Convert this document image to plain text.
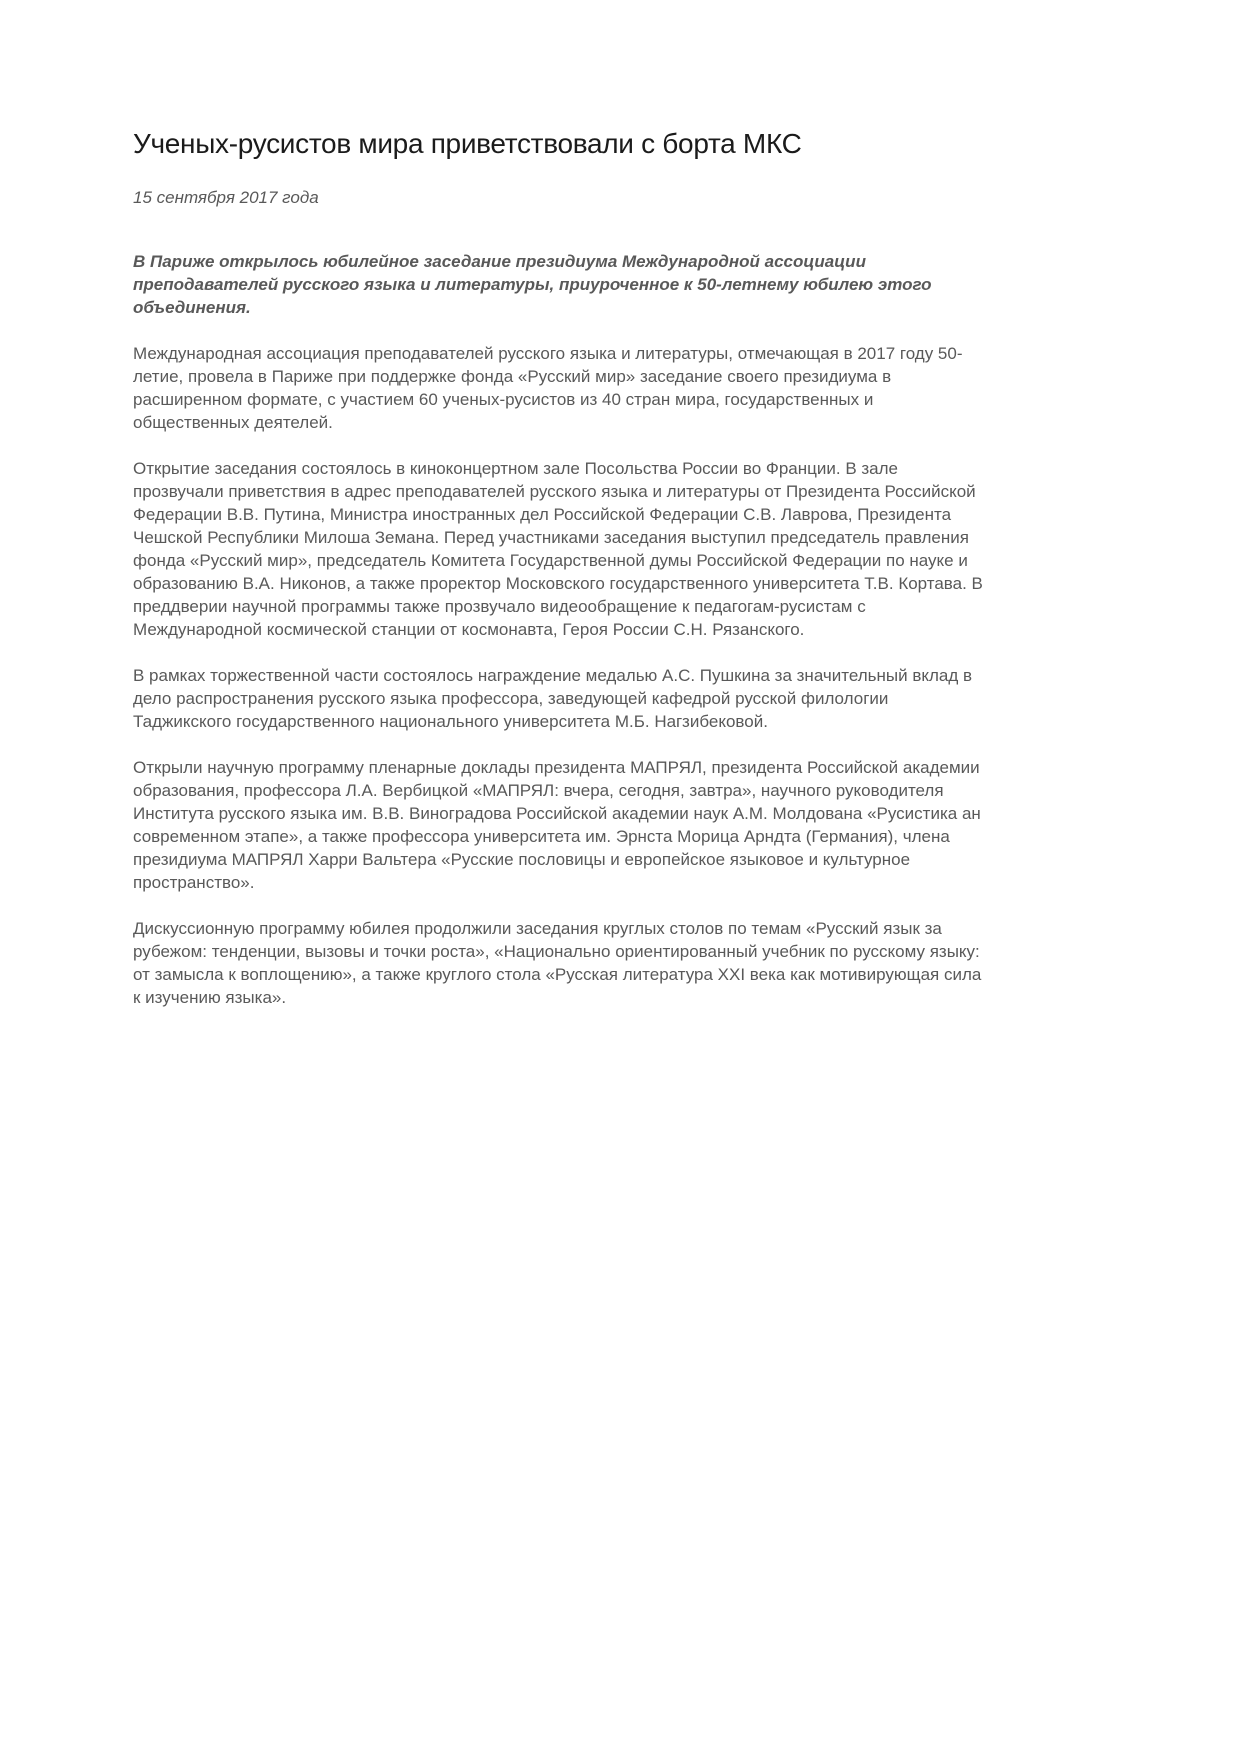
Ученых-русистов мира приветствовали с борта МКС

15 сентября 2017 года

В Париже открылось юбилейное заседание президиума Международной ассоциации преподавателей русского языка и литературы, приуроченное к 50-летнему юбилею этого объединения.

Международная ассоциация преподавателей русского языка и литературы, отмечающая в 2017 году 50-летие, провела в Париже при поддержке фонда «Русский мир» заседание своего президиума в расширенном формате, с участием 60 ученых-русистов из 40 стран мира, государственных и общественных деятелей.

Открытие заседания состоялось в киноконцертном зале Посольства России во Франции. В зале прозвучали приветствия в адрес преподавателей русского языка и литературы от Президента Российской Федерации В.В. Путина, Министра иностранных дел Российской Федерации С.В. Лаврова, Президента Чешской Республики Милоша Земана. Перед участниками заседания выступил председатель правления фонда «Русский мир», председатель Комитета Государственной думы Российской Федерации по науке и образованию В.А. Никонов, а также проректор Московского государственного университета Т.В. Кортава. В преддверии научной программы также прозвучало видеообращение к педагогам-русистам с Международной космической станции от космонавта, Героя России С.Н. Рязанского.

В рамках торжественной части состоялось награждение медалью А.С. Пушкина за значительный вклад в дело распространения русского языка профессора, заведующей кафедрой русской филологии Таджикского государственного национального университета М.Б. Нагзибековой.

Открыли научную программу пленарные доклады президента МАПРЯЛ, президента Российской академии образования, профессора Л.А. Вербицкой «МАПРЯЛ: вчера, сегодня, завтра», научного руководителя Института русского языка им. В.В. Виноградова Российской академии наук А.М. Молдована «Русистика ан современном этапе», а также профессора университета им. Эрнста Морица Арндта (Германия), члена президиума МАПРЯЛ Харри Вальтера «Русские пословицы и европейское языковое и культурное пространство».

Дискуссионную программу юбилея продолжили заседания круглых столов по темам «Русский язык за рубежом: тенденции, вызовы и точки роста», «Национально ориентированный учебник по русскому языку: от замысла к воплощению», а также круглого стола «Русская литература XXI века как мотивирующая сила к изучению языка».
